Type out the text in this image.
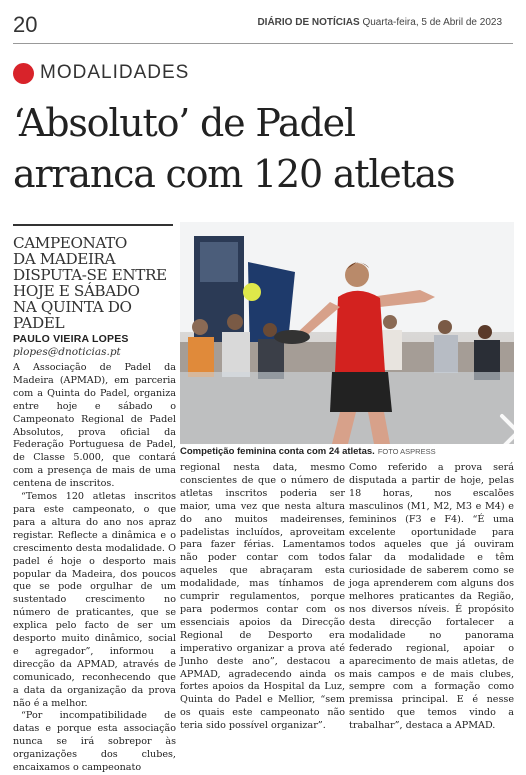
20	DIÁRIO DE NOTÍCIAS Quarta-feira, 5 de Abril de 2023
MODALIDADES
‘Absoluto’ de Padel
arranca com 120 atletas
CAMPEONATO
DA MADEIRA
DISPUTA-SE ENTRE
HOJE E SÁBADO
NA QUINTA DO PADEL
PAULO VIEIRA LOPES
plopes@dnoticias.pt

A Associação de Padel da Madeira (APMAD), em parceria com a Quinta do Padel, organiza entre hoje e sábado o Campeonato Regional de Padel Absolutos, prova oficial da Federação Portuguesa de Padel, de Classe 5.000, que contará com a presença de mais de uma centena de inscritos.

“Temos 120 atletas inscritos para este campeonato, o que para a altura do ano nos apraz registar. Reflecte a dinâmica e o crescimento desta modalidade. O padel é hoje o desporto mais popular da Madeira, dos poucos que se pode orgulhar de um sustentado crescimento no número de praticantes, que se explica pelo facto de ser um desporto muito dinâmico, social e agregador”, informou a direcção da APMAD, através de comunicado, reconhecendo que a data da organização da prova não é a melhor.

“Por incompatibilidade de datas e porque esta associação nunca se irá sobrepor às organizações dos clubes, encaixamos o campeonato

Competição feminina conta com 24 atletas. FOTO ASPRESS

regional nesta data, mesmo conscientes de que o número de atletas inscritos poderia ser maior, uma vez que nesta altura do ano muitos madeirenses, padelistas incluídos, aproveitam para fazer férias. Lamentamos não poder contar com todos aqueles que abraçaram esta modalidade, mas tínhamos de cumprir regulamentos, porque para podermos contar com os essenciais apoios da Direcção Regional de Desporto era imperativo organizar a prova até Junho deste ano”, destacou a APMAD, agradecendo ainda os fortes apoios da Hospital da Luz, Quinta do Padel e Mellior, “sem os quais este campeonato não teria sido possível organizar”.

Como referido a prova será disputada a partir de hoje, pelas 18 horas, nos escalões masculinos (M1, M2, M3 e M4) e femininos (F3 e F4). “É uma excelente oportunidade para todos aqueles que já ouviram falar da modalidade e têm curiosidade de saberem como se joga aprenderem com alguns dos melhores praticantes da Região, nos diversos níveis. É propósito desta direcção fortalecer a modalidade no panorama federado regional, apoiar o aparecimento de mais atletas, de mais campos e de mais clubes, sempre com a formação como premissa principal. E é nesse sentido que temos vindo a trabalhar”, destaca a APMAD.
